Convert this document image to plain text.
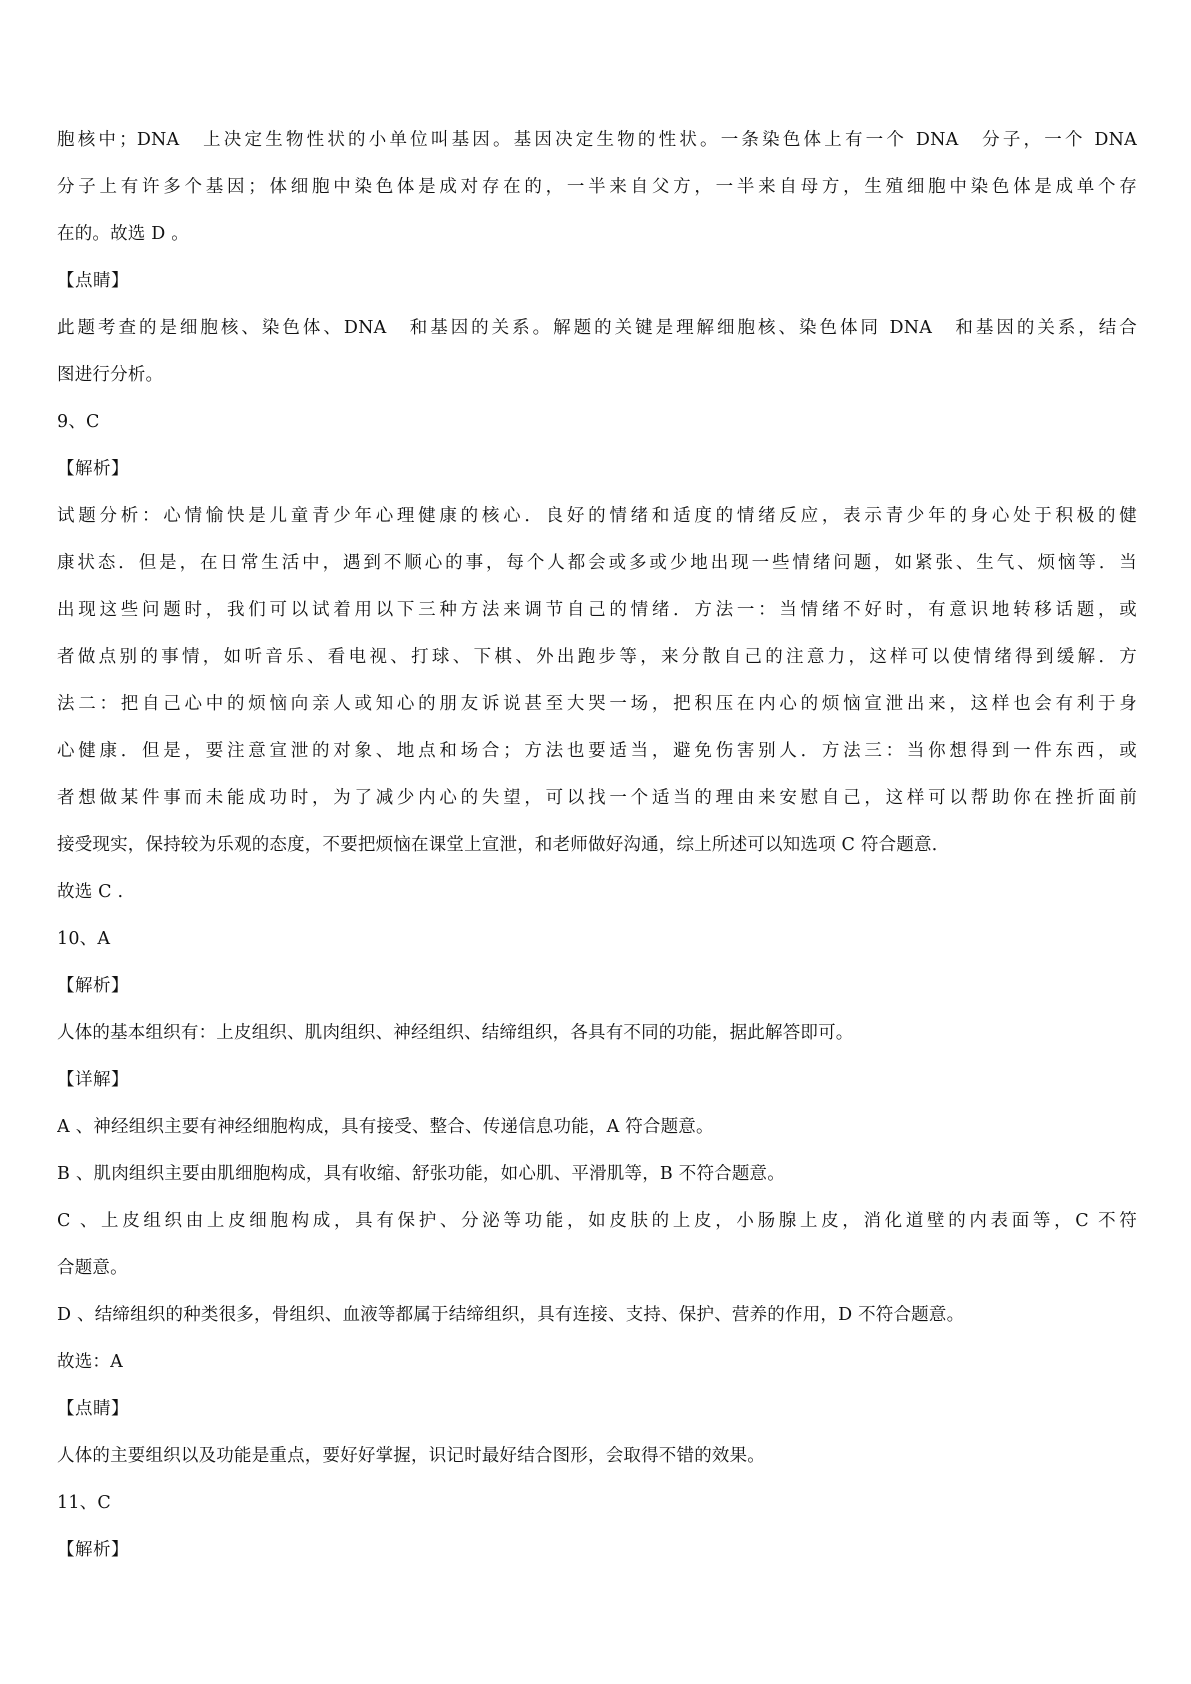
胞核中；DNA　上决定生物性状的小单位叫基因。基因决定生物的性状。一条染色体上有一个 DNA　分子，一个 DNA
分子上有许多个基因；体细胞中染色体是成对存在的，一半来自父方，一半来自母方，生殖细胞中染色体是成单个存
在的。故选 D 。
【点睛】
此题考查的是细胞核、染色体、DNA　和基因的关系。解题的关键是理解细胞核、染色体同 DNA　和基因的关系，结合
图进行分析。
9、C
【解析】
试题分析：心情愉快是儿童青少年心理健康的核心．良好的情绪和适度的情绪反应，表示青少年的身心处于积极的健
康状态．但是，在日常生活中，遇到不顺心的事，每个人都会或多或少地出现一些情绪问题，如紧张、生气、烦恼等．当
出现这些问题时，我们可以试着用以下三种方法来调节自己的情绪．方法一：当情绪不好时，有意识地转移话题，或
者做点别的事情，如听音乐、看电视、打球、下棋、外出跑步等，来分散自己的注意力，这样可以使情绪得到缓解．方
法二：把自己心中的烦恼向亲人或知心的朋友诉说甚至大哭一场，把积压在内心的烦恼宣泄出来，这样也会有利于身
心健康．但是，要注意宣泄的对象、地点和场合；方法也要适当，避免伤害别人．方法三：当你想得到一件东西，或
者想做某件事而未能成功时，为了减少内心的失望，可以找一个适当的理由来安慰自己，这样可以帮助你在挫折面前
接受现实，保持较为乐观的态度，不要把烦恼在课堂上宣泄，和老师做好沟通，综上所述可以知选项 C 符合题意．
故选 C .
10、A
【解析】
人体的基本组织有：上皮组织、肌肉组织、神经组织、结缔组织，各具有不同的功能，据此解答即可。
【详解】
A 、神经组织主要有神经细胞构成，具有接受、整合、传递信息功能，A 符合题意。
B 、肌肉组织主要由肌细胞构成，具有收缩、舒张功能，如心肌、平滑肌等，B 不符合题意。
C 、上皮组织由上皮细胞构成，具有保护、分泌等功能，如皮肤的上皮，小肠腺上皮，消化道壁的内表面等，C 不符
合题意。
D 、结缔组织的种类很多，骨组织、血液等都属于结缔组织，具有连接、支持、保护、营养的作用，D 不符合题意。
故选：A
【点睛】
人体的主要组织以及功能是重点，要好好掌握，识记时最好结合图形，会取得不错的效果。
11、C
【解析】
